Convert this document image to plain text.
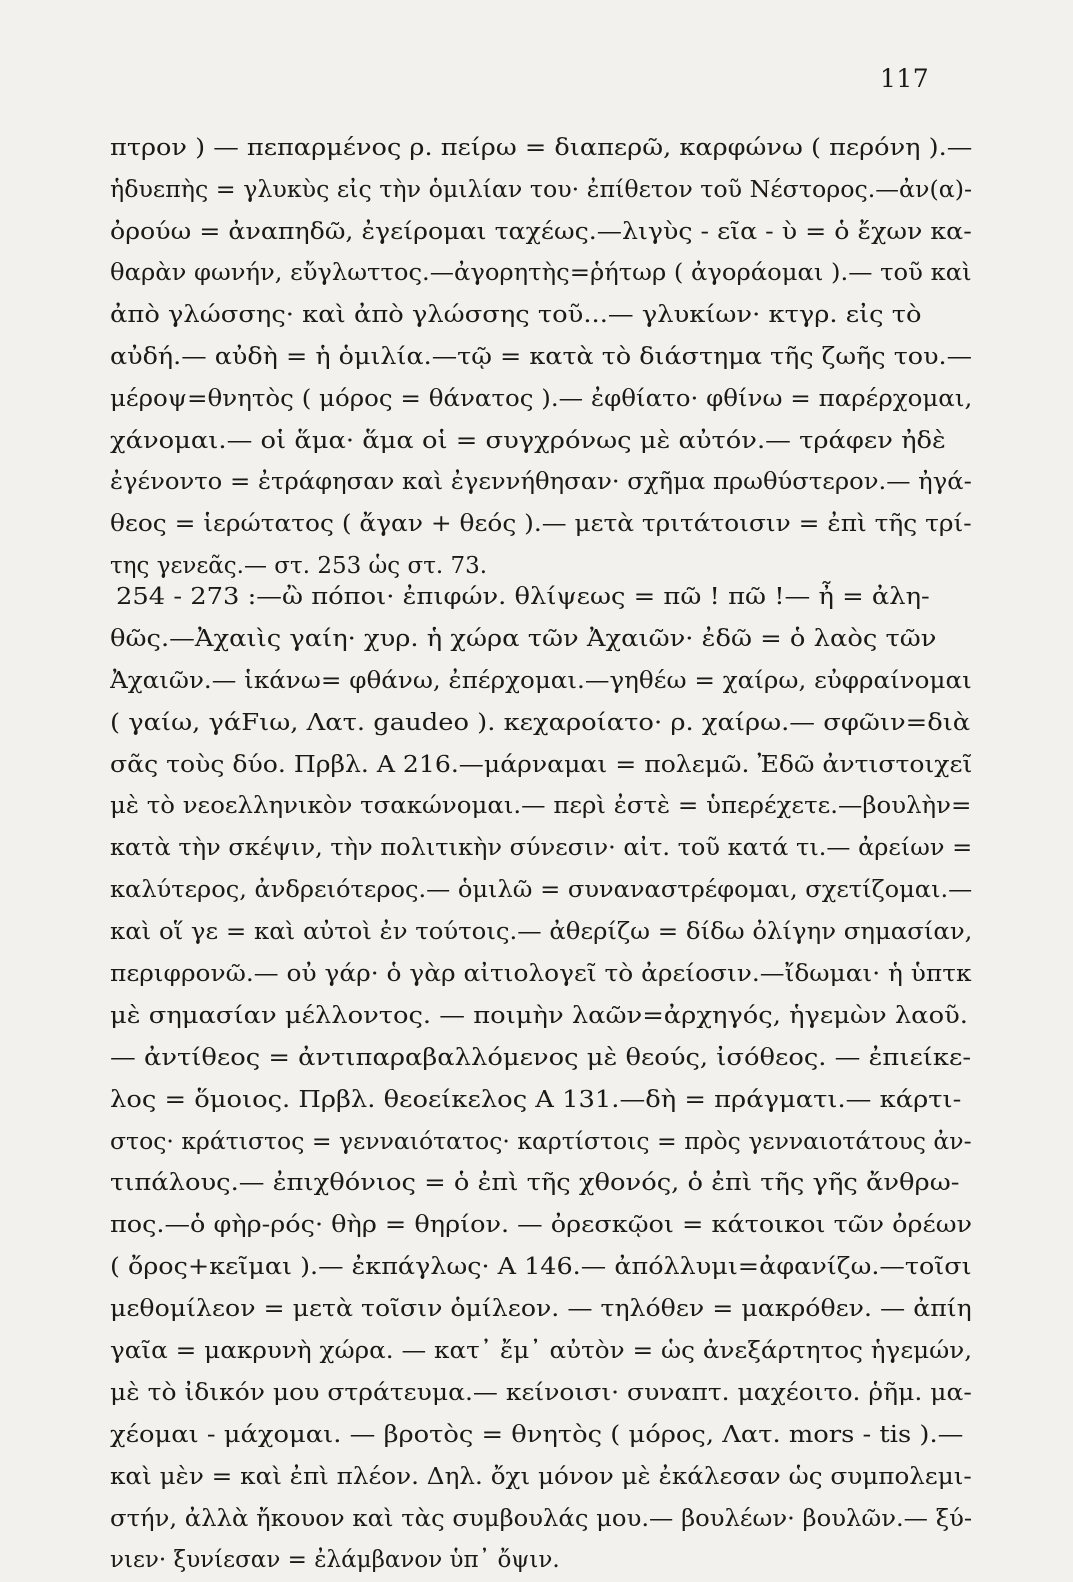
117
πτρον ) — πεπαρμένος ρ. πείρω = διαπερῶ, καρφώνω ( περόνη ).—
ἡδυεπὴς = γλυκὺς εἰς τὴν ὁμιλίαν του· ἐπίθετον τοῦ Νέστορος.—ἀν(α)-
ὀρούω = ἀναπηδῶ, ἐγείρομαι ταχέως.—λιγὺς - εῖα - ὺ = ὁ ἔχων κα-
θαρὰν φωνήν, εὔγλωττος.—ἀγορητὴς=ῥήτωρ ( ἀγοράομαι ).— τοῦ καὶ
ἀπὸ γλώσσης· καὶ ἀπὸ γλώσσης τοῦ...— γλυκίων· κτγρ. εἰς τὸ
αὐδή.— αὐδὴ = ἡ ὁμιλία.—τῷ = κατὰ τὸ διάστημα τῆς ζωῆς του.—
μέροψ=θνητὸς ( μόρος = θάνατος ).— ἐφθίατο· φθίνω = παρέρχομαι,
χάνομαι.— οἱ ἅμα· ἅμα οἱ = συγχρόνως μὲ αὐτόν.— τράφεν ἠδὲ
ἐγένοντο = ἐτράφησαν καὶ ἐγεννήθησαν· σχῆμα πρωθύστερον.— ἠγά-
θεος = ἱερώτατος ( ἄγαν + θεός ).— μετὰ τριτάτοισιν = ἐπὶ τῆς τρί-
της γενεᾶς.— στ. 253 ὡς στ. 73.
254 - 273 :—ὢ πόποι· ἐπιφών. θλίψεως = πῶ ! πῶ !— ἦ = ἀλη-
θῶς.—Ἀχαιὶς γαίη· χυρ. ἡ χώρα τῶν Ἀχαιῶν· ἐδῶ = ὁ λαὸς τῶν
Ἀχαιῶν.— ἱκάνω= φθάνω, ἐπέρχομαι.—γηθέω = χαίρω, εὐφραίνομαι
( γαίω, γάFιω, Λατ. gaudeo ). κεχαροίατο· ρ. χαίρω.— σφῶιν=διὰ
σᾶς τοὺς δύο. Πρβλ. Α 216.—μάρναμαι = πολεμῶ. Ἐδῶ ἀντιστοιχεῖ
μὲ τὸ νεοελληνικὸν τσακώνομαι.— περὶ ἐστὲ = ὑπερέχετε.—βουλὴν=
κατὰ τὴν σκέψιν, τὴν πολιτικὴν σύνεσιν· αἰτ. τοῦ κατά τι.— ἀρείων =
καλύτερος, ἀνδρειότερος.— ὁμιλῶ = συναναστρέφομαι, σχετίζομαι.—
καὶ οἵ γε = καὶ αὐτοὶ ἐν τούτοις.— ἀθερίζω = δίδω ὀλίγην σημασίαν,
περιφρονῶ.— οὐ γάρ· ὁ γὰρ αἰτιολογεῖ τὸ ἀρείοσιν.—ἴδωμαι· ἡ ὑπτκ
μὲ σημασίαν μέλλοντος. — ποιμὴν λαῶν=ἀρχηγός, ἡγεμὼν λαοῦ.
— ἀντίθεος = ἀντιπαραβαλλόμενος μὲ θεούς, ἰσόθεος. — ἐπιείκε-
λος = ὅμοιος. Πρβλ. θεοείκελος Α 131.—δὴ = πράγματι.— κάρτι-
στος· κράτιστος = γενναιότατος· καρτίστοις = πρὸς γενναιοτάτους ἀν-
τιπάλους.— ἐπιχθόνιος = ὁ ἐπὶ τῆς χθονός, ὁ ἐπὶ τῆς γῆς ἄνθρω-
πος.—ὁ φὴρ-ρός· θὴρ = θηρίον. — ὀρεσκῷοι = κάτοικοι τῶν ὀρέων
( ὄρος+κεῖμαι ).— ἐκπάγλως· Α 146.— ἀπόλλυμι=ἀφανίζω.—τοῖσι
μεθομίλεον = μετὰ τοῖσιν ὁμίλεον. — τηλόθεν = μακρόθεν. — ἀπίη
γαῖα = μακρυνὴ χώρα. — κατ᾽ ἔμ᾽ αὐτὸν = ὡς ἀνεξάρτητος ἡγεμών,
μὲ τὸ ἰδικόν μου στράτευμα.— κείνοισι· συναπτ. μαχέοιτο. ῥῆμ. μα-
χέομαι - μάχομαι. — βροτὸς = θνητὸς ( μόρος, Λατ. mors - tis ).—
καὶ μὲν = καὶ ἐπὶ πλέον. Δηλ. ὄχι μόνον μὲ ἐκάλεσαν ὡς συμπολεμι-
στήν, ἀλλὰ ἤκουον καὶ τὰς συμβουλάς μου.— βουλέων· βουλῶν.— ξύ-
νιεν· ξυνίεσαν = ἐλάμβανον ὑπ᾽ ὄψιν.
